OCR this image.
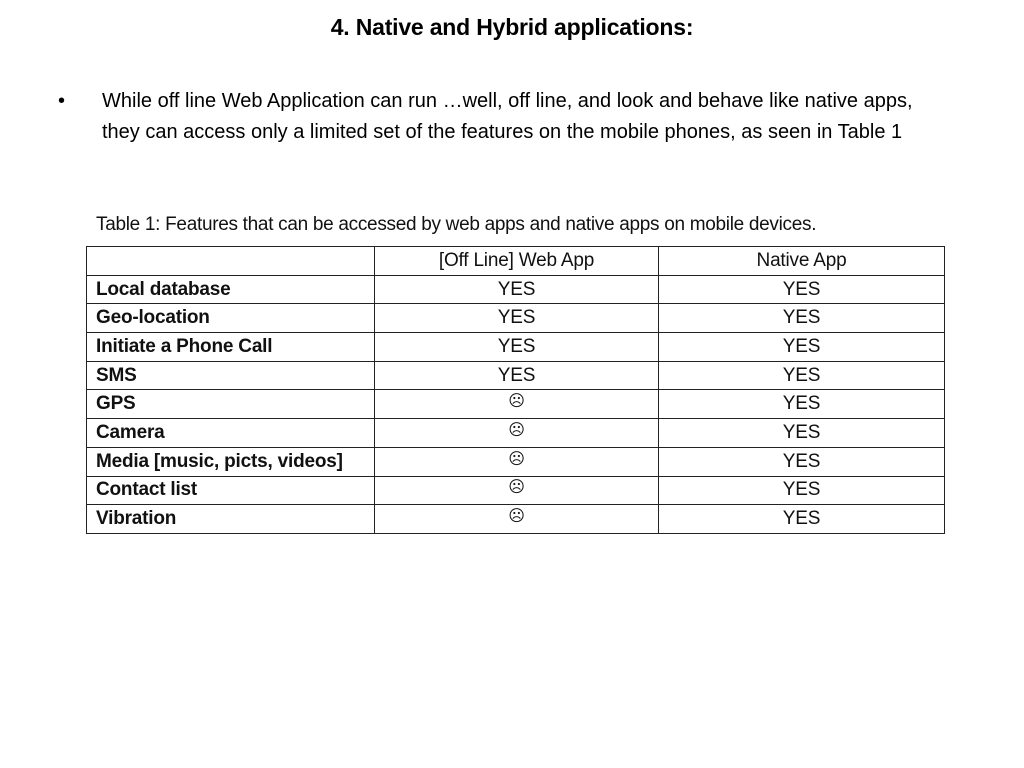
4. Native and Hybrid applications:
• While off line Web Application can run …well, off line, and look and behave like native apps, they can access only a limited set of the features on the mobile phones, as seen in Table 1
Table 1: Features that can be accessed by web apps and native apps on mobile devices.
	[Off Line] Web App	Native App
Local database	YES	YES
Geo-location	YES	YES
Initiate a Phone Call	YES	YES
SMS	YES	YES
GPS	☹	YES
Camera	☹	YES
Media [music, picts, videos]	☹	YES
Contact list	☹	YES
Vibration	☹	YES
